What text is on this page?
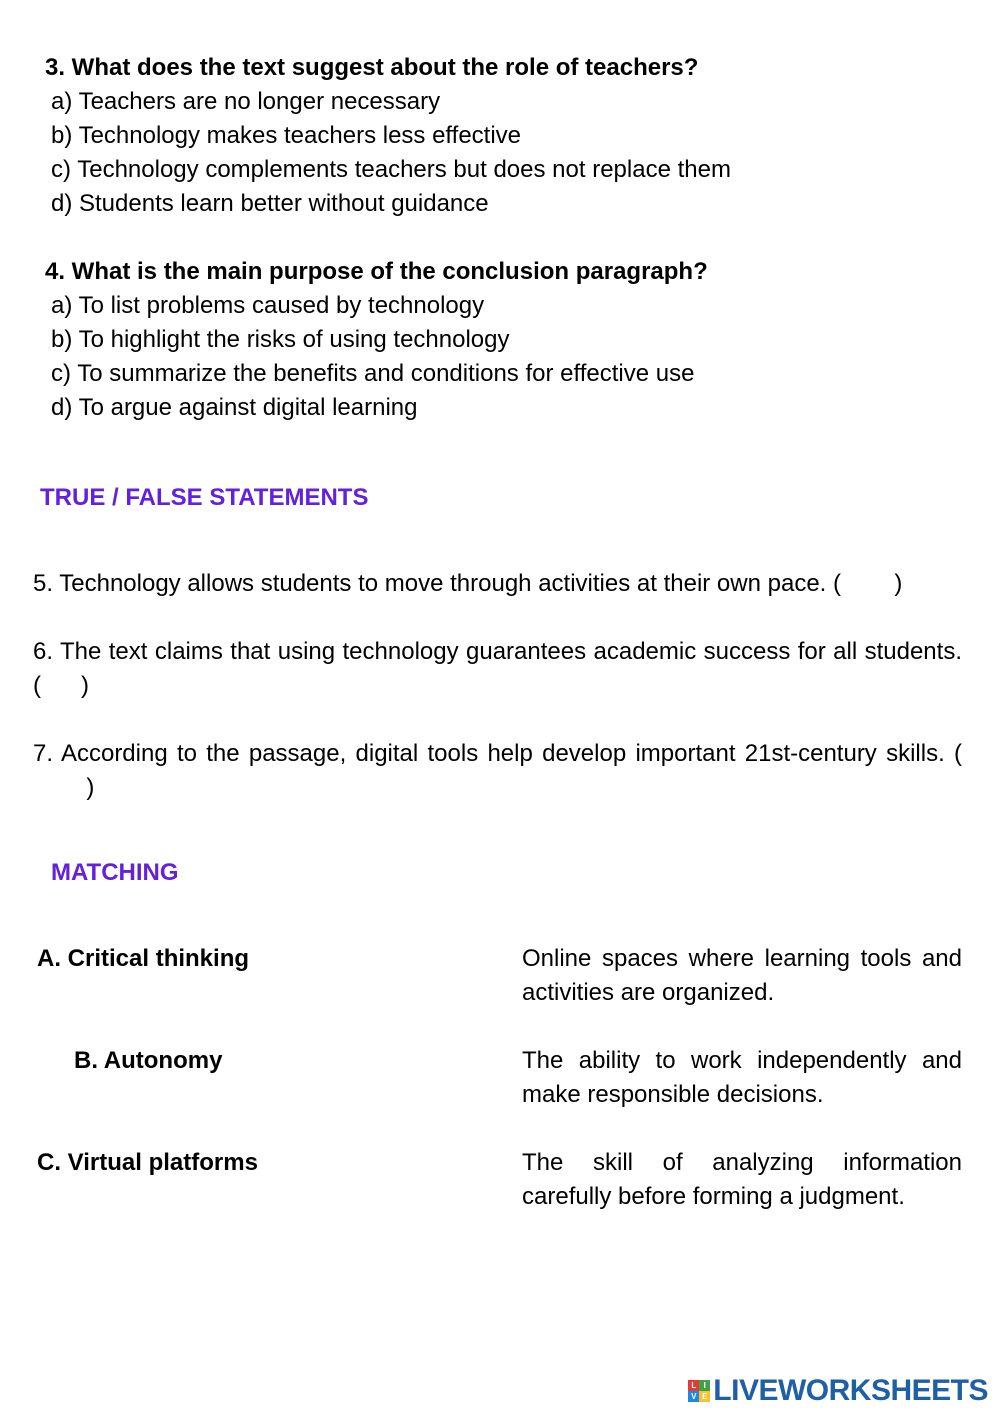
3. What does the text suggest about the role of teachers?
a) Teachers are no longer necessary
b) Technology makes teachers less effective
c) Technology complements teachers but does not replace them
d) Students learn better without guidance
4. What is the main purpose of the conclusion paragraph?
a) To list problems caused by technology
b) To highlight the risks of using technology
c) To summarize the benefits and conditions for effective use
d) To argue against digital learning
TRUE / FALSE STATEMENTS
5. Technology allows students to move through activities at their own pace. ( )
6. The text claims that using technology guarantees academic success for all students. ( )
7. According to the passage, digital tools help develop important 21st-century skills. (        )
MATCHING
A. Critical thinking	Online spaces where learning tools and activities are organized.
B. Autonomy	The ability to work independently and make responsible decisions.
C. Virtual platforms	The skill of analyzing information carefully before forming a judgment.
L I
V E LIVEWORKSHEETS
